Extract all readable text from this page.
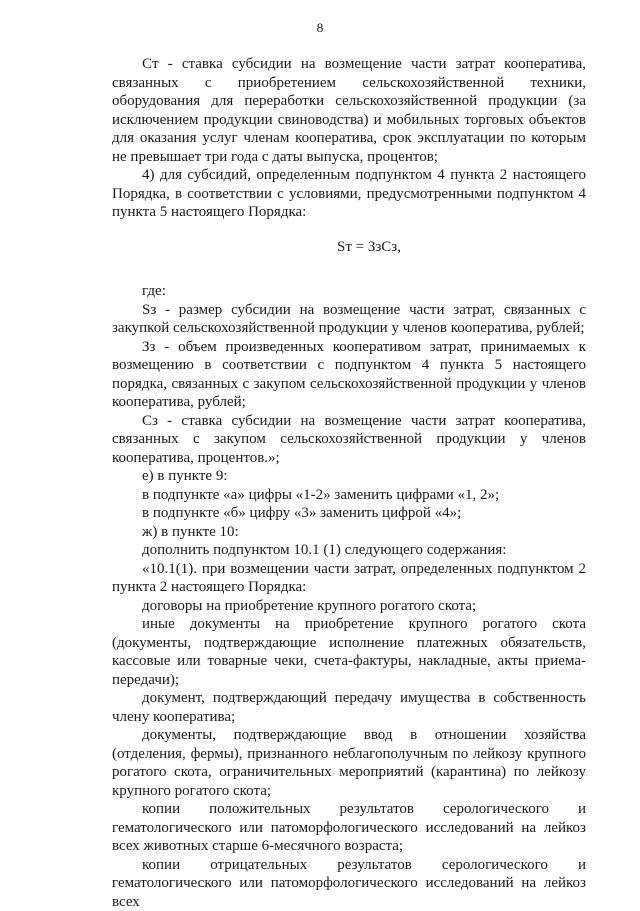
8

Cт - ставка субсидии на возмещение части затрат кооператива, связанных с приобретением сельскохозяйственной техники, оборудования для переработки сельскохозяйственной продукции (за исключением продукции свиноводства) и мобильных торговых объектов для оказания услуг членам кооператива, срок эксплуатации по которым не превышает три года с даты выпуска, процентов;

4) для субсидий, определенным подпунктом 4 пункта 2 настоящего Порядка, в соответствии с условиями, предусмотренными подпунктом 4 пункта 5 настоящего Порядка:

Sт = ЗзCз,

где:

Sз - размер субсидии на возмещение части затрат, связанных с закупкой сельскохозяйственной продукции у членов кооператива, рублей;

Зз - объем произведенных кооперативом затрат, принимаемых к возмещению в соответствии с подпунктом 4 пункта 5 настоящего порядка, связанных с закупом сельскохозяйственной продукции у членов кооператива, рублей;

Cз - ставка субсидии на возмещение части затрат кооператива, связанных с закупом сельскохозяйственной продукции у членов кооператива, процентов.»;

е) в пункте 9:

в подпункте «а» цифры «1-2» заменить цифрами «1, 2»;

в подпункте «б» цифру «3» заменить цифрой «4»;

ж) в пункте 10:

дополнить подпунктом 10.1 (1) следующего содержания:

«10.1(1). при возмещении части затрат, определенных подпунктом 2 пункта 2 настоящего Порядка:

договоры на приобретение крупного рогатого скота;

иные документы на приобретение крупного рогатого скота (документы, подтверждающие исполнение платежных обязательств, кассовые или товарные чеки, счета-фактуры, накладные, акты приема-передачи);

документ, подтверждающий передачу имущества в собственность члену кооператива;

документы, подтверждающие ввод в отношении хозяйства (отделения, фермы), признанного неблагополучным по лейкозу крупного рогатого скота, ограничительных мероприятий (карантина) по лейкозу крупного рогатого скота;

копии положительных результатов серологического и гематологического или патоморфологического исследований на лейкоз всех животных старше 6-месячного возраста;

копии отрицательных результатов серологического и гематологического или патоморфологического исследований на лейкоз всех
